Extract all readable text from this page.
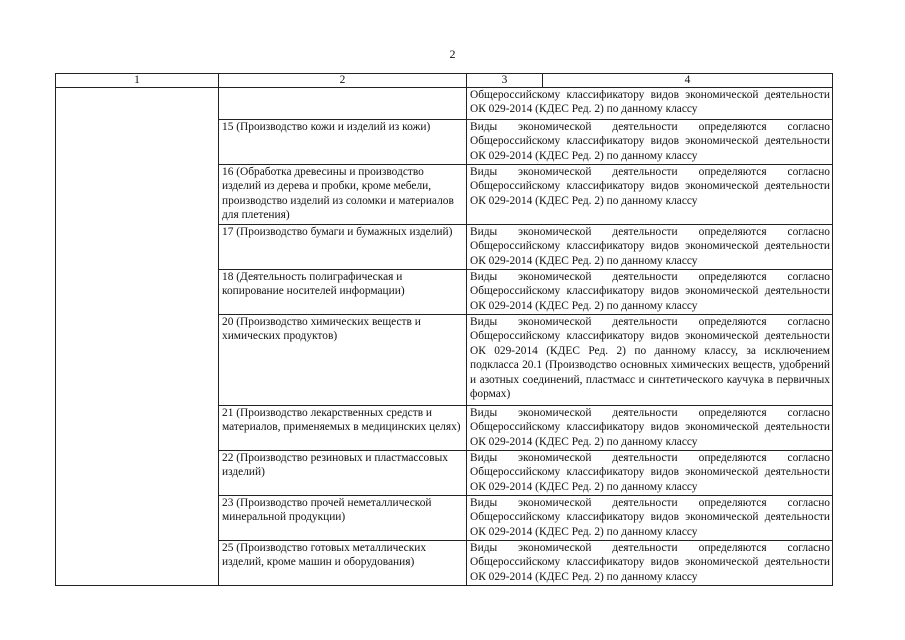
2
1	2	3	4
		Общероссийскому классификатору видов экономической деятельности ОК 029-2014 (КДЕС Ред. 2) по данному классу	
	15 (Производство кожи и изделий из кожи)	Виды экономической деятельности определяются согласно Общероссийскому классификатору видов экономической деятельности ОК 029-2014 (КДЕС Ред. 2) по данному классу	
	16 (Обработка древесины и производство изделий из дерева и пробки, кроме мебели, производство изделий из соломки и материалов для плетения)	Виды экономической деятельности определяются согласно Общероссийскому классификатору видов экономической деятельности ОК 029-2014 (КДЕС Ред. 2) по данному классу	
	17 (Производство бумаги и бумажных изделий)	Виды экономической деятельности определяются согласно Общероссийскому классификатору видов экономической деятельности ОК 029-2014 (КДЕС Ред. 2) по данному классу	
	18 (Деятельность полиграфическая и копирование носителей информации)	Виды экономической деятельности определяются согласно Общероссийскому классификатору видов экономической деятельности ОК 029-2014 (КДЕС Ред. 2) по данному классу	
	20 (Производство химических веществ и химических продуктов)	Виды экономической деятельности определяются согласно Общероссийскому классификатору видов экономической деятельности ОК 029-2014 (КДЕС Ред. 2) по данному классу, за исключением подкласса 20.1 (Производство основных химических веществ, удобрений и азотных соединений, пластмасс и синтетического каучука в первичных формах)	
	21 (Производство лекарственных средств и материалов, применяемых в медицинских целях)	Виды экономической деятельности определяются согласно Общероссийскому классификатору видов экономической деятельности ОК 029-2014 (КДЕС Ред. 2) по данному классу	
	22 (Производство резиновых и пластмассовых изделий)	Виды экономической деятельности определяются согласно Общероссийскому классификатору видов экономической деятельности ОК 029-2014 (КДЕС Ред. 2) по данному классу	
	23 (Производство прочей неметаллической минеральной продукции)	Виды экономической деятельности определяются согласно Общероссийскому классификатору видов экономической деятельности ОК 029-2014 (КДЕС Ред. 2) по данному классу	
	25 (Производство готовых металлических изделий, кроме машин и оборудования)	Виды экономической деятельности определяются согласно Общероссийскому классификатору видов экономической деятельности ОК 029-2014 (КДЕС Ред. 2) по данному классу	
